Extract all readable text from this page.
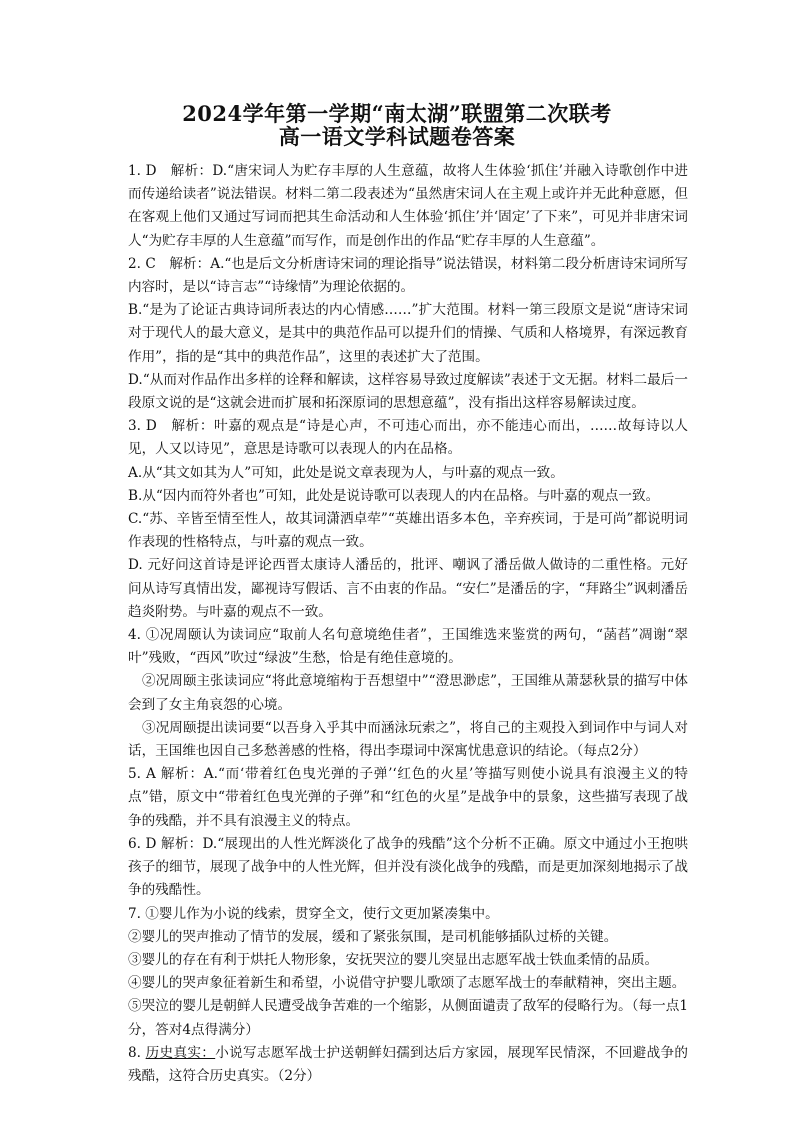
2024学年第一学期“南太湖”联盟第二次联考
高一语文学科试题卷答案

1. D　解析：D.“唐宋词人为贮存丰厚的人生意蕴，故将人生体验‘抓住’并融入诗歌创作中进而传递给读者”说法错误。材料二第二段表述为“虽然唐宋词人在主观上或许并无此种意愿，但在客观上他们又通过写词而把其生命活动和人生体验‘抓住’并‘固定’了下来”，可见并非唐宋词人“为贮存丰厚的人生意蕴”而写作，而是创作出的作品“贮存丰厚的人生意蕴”。

2. C　解析：A.“也是后文分析唐诗宋词的理论指导”说法错误，材料第二段分析唐诗宋词所写内容时，是以“诗言志”“诗缘情”为理论依据的。

B.“是为了论证古典诗词所表达的内心情感……”扩大范围。材料一第三段原文是说“唐诗宋词对于现代人的最大意义，是其中的典范作品可以提升们的情操、气质和人格境界，有深远教育作用”，指的是“其中的典范作品”，这里的表述扩大了范围。

D.“从而对作品作出多样的诠释和解读，这样容易导致过度解读”表述于文无据。材料二最后一段原文说的是“这就会进而扩展和拓深原词的思想意蕴”，没有指出这样容易解读过度。

3. D　解析：叶嘉的观点是“诗是心声，不可违心而出，亦不能违心而出，……故每诗以人见，人又以诗见”，意思是诗歌可以表现人的内在品格。

A.从“其文如其为人”可知，此处是说文章表现为人，与叶嘉的观点一致。

B.从“因内而符外者也”可知，此处是说诗歌可以表现人的内在品格。与叶嘉的观点一致。

C.“苏、辛皆至情至性人，故其词潇洒卓荦”“英雄出语多本色，辛弃疾词，于是可尚”都说明词作表现的性格特点，与叶嘉的观点一致。

D. 元好问这首诗是评论西晋太康诗人潘岳的，批评、嘲讽了潘岳做人做诗的二重性格。元好问从诗写真情出发，鄙视诗写假话、言不由衷的作品。“安仁”是潘岳的字，“拜路尘”讽刺潘岳趋炎附势。与叶嘉的观点不一致。

4. ①况周颐认为读词应“取前人名句意境绝佳者”，王国维选来鉴赏的两句，“菡萏”凋谢“翠叶”残败，“西风”吹过“绿波”生愁，恰是有绝佳意境的。

②况周颐主张读词应“将此意境缩构于吾想望中”“澄思渺虑”，王国维从萧瑟秋景的描写中体会到了女主角哀怨的心境。

③况周颐提出读词要“以吾身入乎其中而涵泳玩索之”，将自己的主观投入到词作中与词人对话，王国维也因自己多愁善感的性格，得出李璟词中深寓忧患意识的结论。（每点2分）

5. A 解析：A.“而‘带着红色曳光弹的子弹’‘红色的火星’等描写则使小说具有浪漫主义的特点”错，原文中“带着红色曳光弹的子弹”和“红色的火星”是战争中的景象，这些描写表现了战争的残酷，并不具有浪漫主义的特点。

6. D 解析：D.“展现出的人性光辉淡化了战争的残酷”这个分析不正确。原文中通过小王抱哄孩子的细节，展现了战争中的人性光辉，但并没有淡化战争的残酷，而是更加深刻地揭示了战争的残酷性。

7. ①婴儿作为小说的线索，贯穿全文，使行文更加紧凑集中。

②婴儿的哭声推动了情节的发展，缓和了紧张氛围，是司机能够插队过桥的关键。

③婴儿的存在有利于烘托人物形象，安抚哭泣的婴儿突显出志愿军战士铁血柔情的品质。

④婴儿的哭声象征着新生和希望，小说借守护婴儿歌颂了志愿军战士的奉献精神，突出主题。

⑤哭泣的婴儿是朝鲜人民遭受战争苦难的一个缩影，从侧面谴责了敌军的侵略行为。（每一点1分，答对4点得满分）

8. 历史真实：小说写志愿军战士护送朝鲜妇孺到达后方家园，展现军民情深，不回避战争的残酷，这符合历史真实。（2分）
